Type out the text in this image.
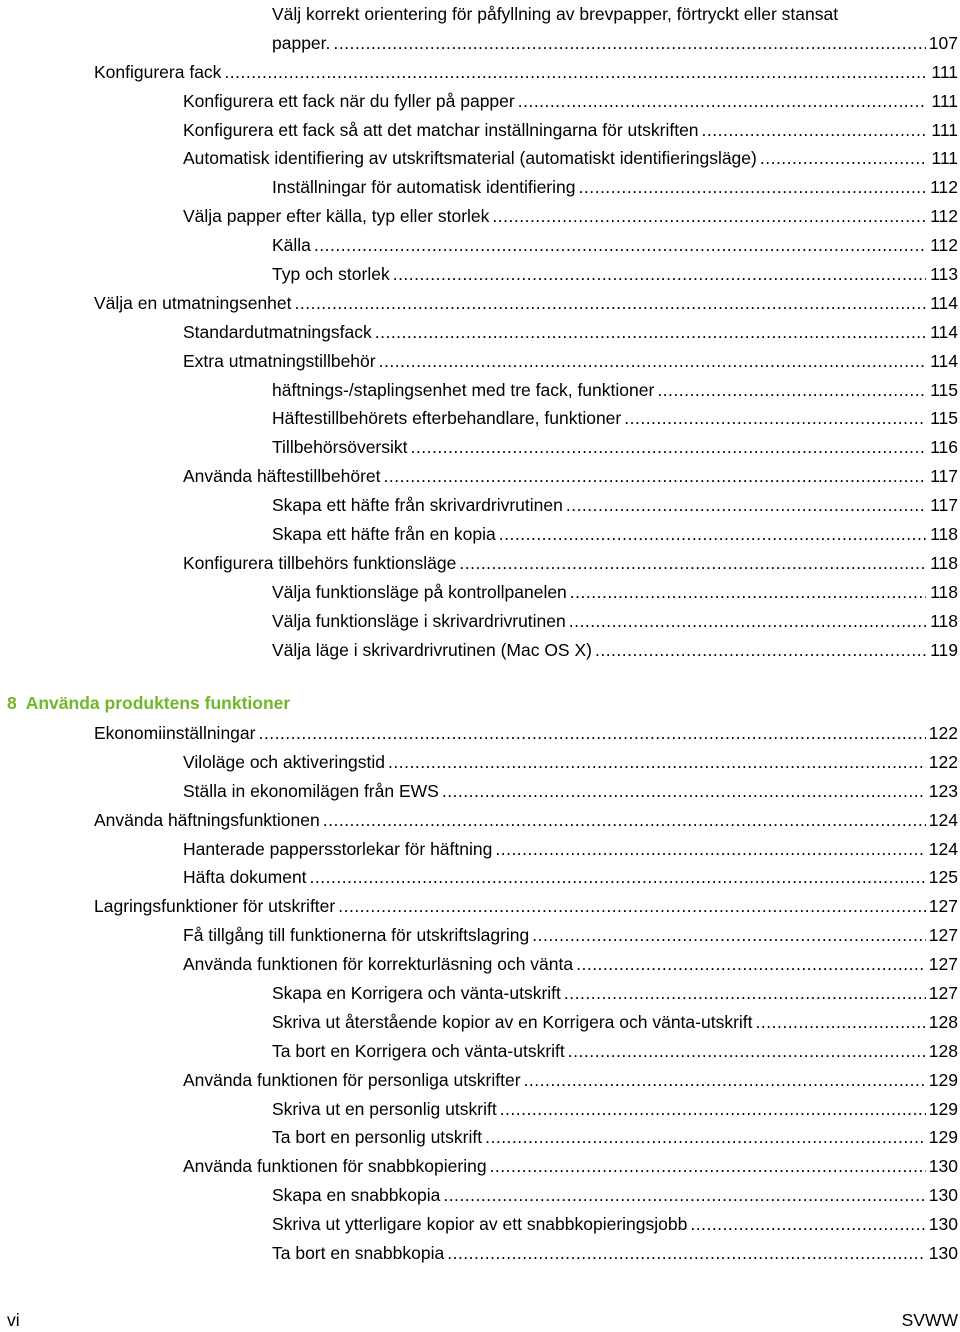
Välj korrekt orientering för påfyllning av brevpapper, förtryckt eller stansat
papper. .....	107
Konfigurera fack .....	111
Konfigurera ett fack när du fyller på papper .....	111
Konfigurera ett fack så att det matchar inställningarna för utskriften .....	111
Automatisk identifiering av utskriftsmaterial (automatiskt identifieringsläge) .....	111
Inställningar för automatisk identifiering .....	112
Välja papper efter källa, typ eller storlek .....	112
Källa .....	112
Typ och storlek .....	113
Välja en utmatningsenhet .....	114
Standardutmatningsfack .....	114
Extra utmatningstillbehör .....	114
häftnings-/staplingsenhet med tre fack, funktioner .....	115
Häftestillbehörets efterbehandlare, funktioner .....	115
Tillbehörsöversikt .....	116
Använda häftestillbehöret .....	117
Skapa ett häfte från skrivardrivrutinen .....	117
Skapa ett häfte från en kopia .....	118
Konfigurera tillbehörs funktionsläge .....	118
Välja funktionsläge på kontrollpanelen .....	118
Välja funktionsläge i skrivardrivrutinen .....	118
Välja läge i skrivardrivrutinen (Mac OS X) .....	119
8 Använda produktens funktioner
Ekonomiinställningar .....	122
Viloläge och aktiveringstid .....	122
Ställa in ekonomilägen från EWS .....	123
Använda häftningsfunktionen .....	124
Hanterade pappersstorlekar för häftning .....	124
Häfta dokument .....	125
Lagringsfunktioner för utskrifter .....	127
Få tillgång till funktionerna för utskriftslagring .....	127
Använda funktionen för korrekturläsning och vänta .....	127
Skapa en Korrigera och vänta-utskrift .....	127
Skriva ut återstående kopior av en Korrigera och vänta-utskrift .....	128
Ta bort en Korrigera och vänta-utskrift .....	128
Använda funktionen för personliga utskrifter .....	129
Skriva ut en personlig utskrift .....	129
Ta bort en personlig utskrift .....	129
Använda funktionen för snabbkopiering .....	130
Skapa en snabbkopia .....	130
Skriva ut ytterligare kopior av ett snabbkopieringsjobb .....	130
Ta bort en snabbkopia .....	130
vi	SVWW
